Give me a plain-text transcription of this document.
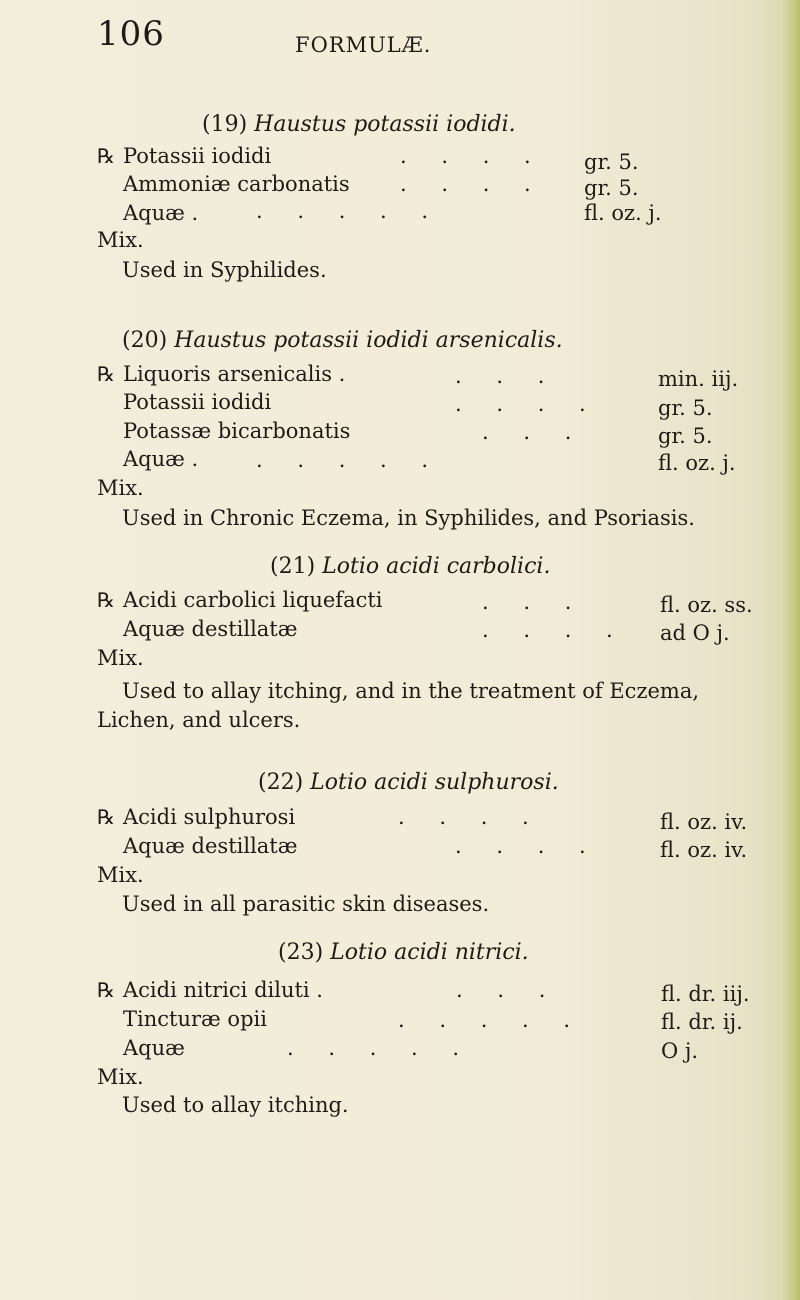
106	FORMULÆ.
(19) Haustus potassii iodidi.
℞ Potassii iodidi	. . . . gr. 5.
Ammoniæ carbonatis . . . . gr. 5.
Aquæ .	. . . . .	fl. oz. j.
Mix.
Used in Syphilides.
(20) Haustus potassii iodidi arsenicalis.
℞ Liquoris arsenicalis .	. . .	min. iij.
Potassii iodidi	. . . .	gr. 5.
Potassæ bicarbonatis	. . .	gr. 5.
Aquæ .	. . . . .	fl. oz. j.
Mix.
Used in Chronic Eczema, in Syphilides, and Psoriasis.
(21) Lotio acidi carbolici.
℞ Acidi carbolici liquefacti	. . .	fl. oz. ss.
Aquæ destillatæ	. . . . ad O j.
Mix.
Used to allay itching, and in the treatment of Eczema,
Lichen, and ulcers.
(22) Lotio acidi sulphurosi.
℞ Acidi sulphurosi	. . . .	fl. oz. iv.
Aquæ destillatæ	. . . .	fl. oz. iv.
Mix.
Used in all parasitic skin diseases.
(23) Lotio acidi nitrici.
℞ Acidi nitrici diluti .	. . .	fl. dr. iij.
Tincturæ opii	. . . . .	fl. dr. ij.
Aquæ	. . . . .	O j.
Mix.
Used to allay itching.
